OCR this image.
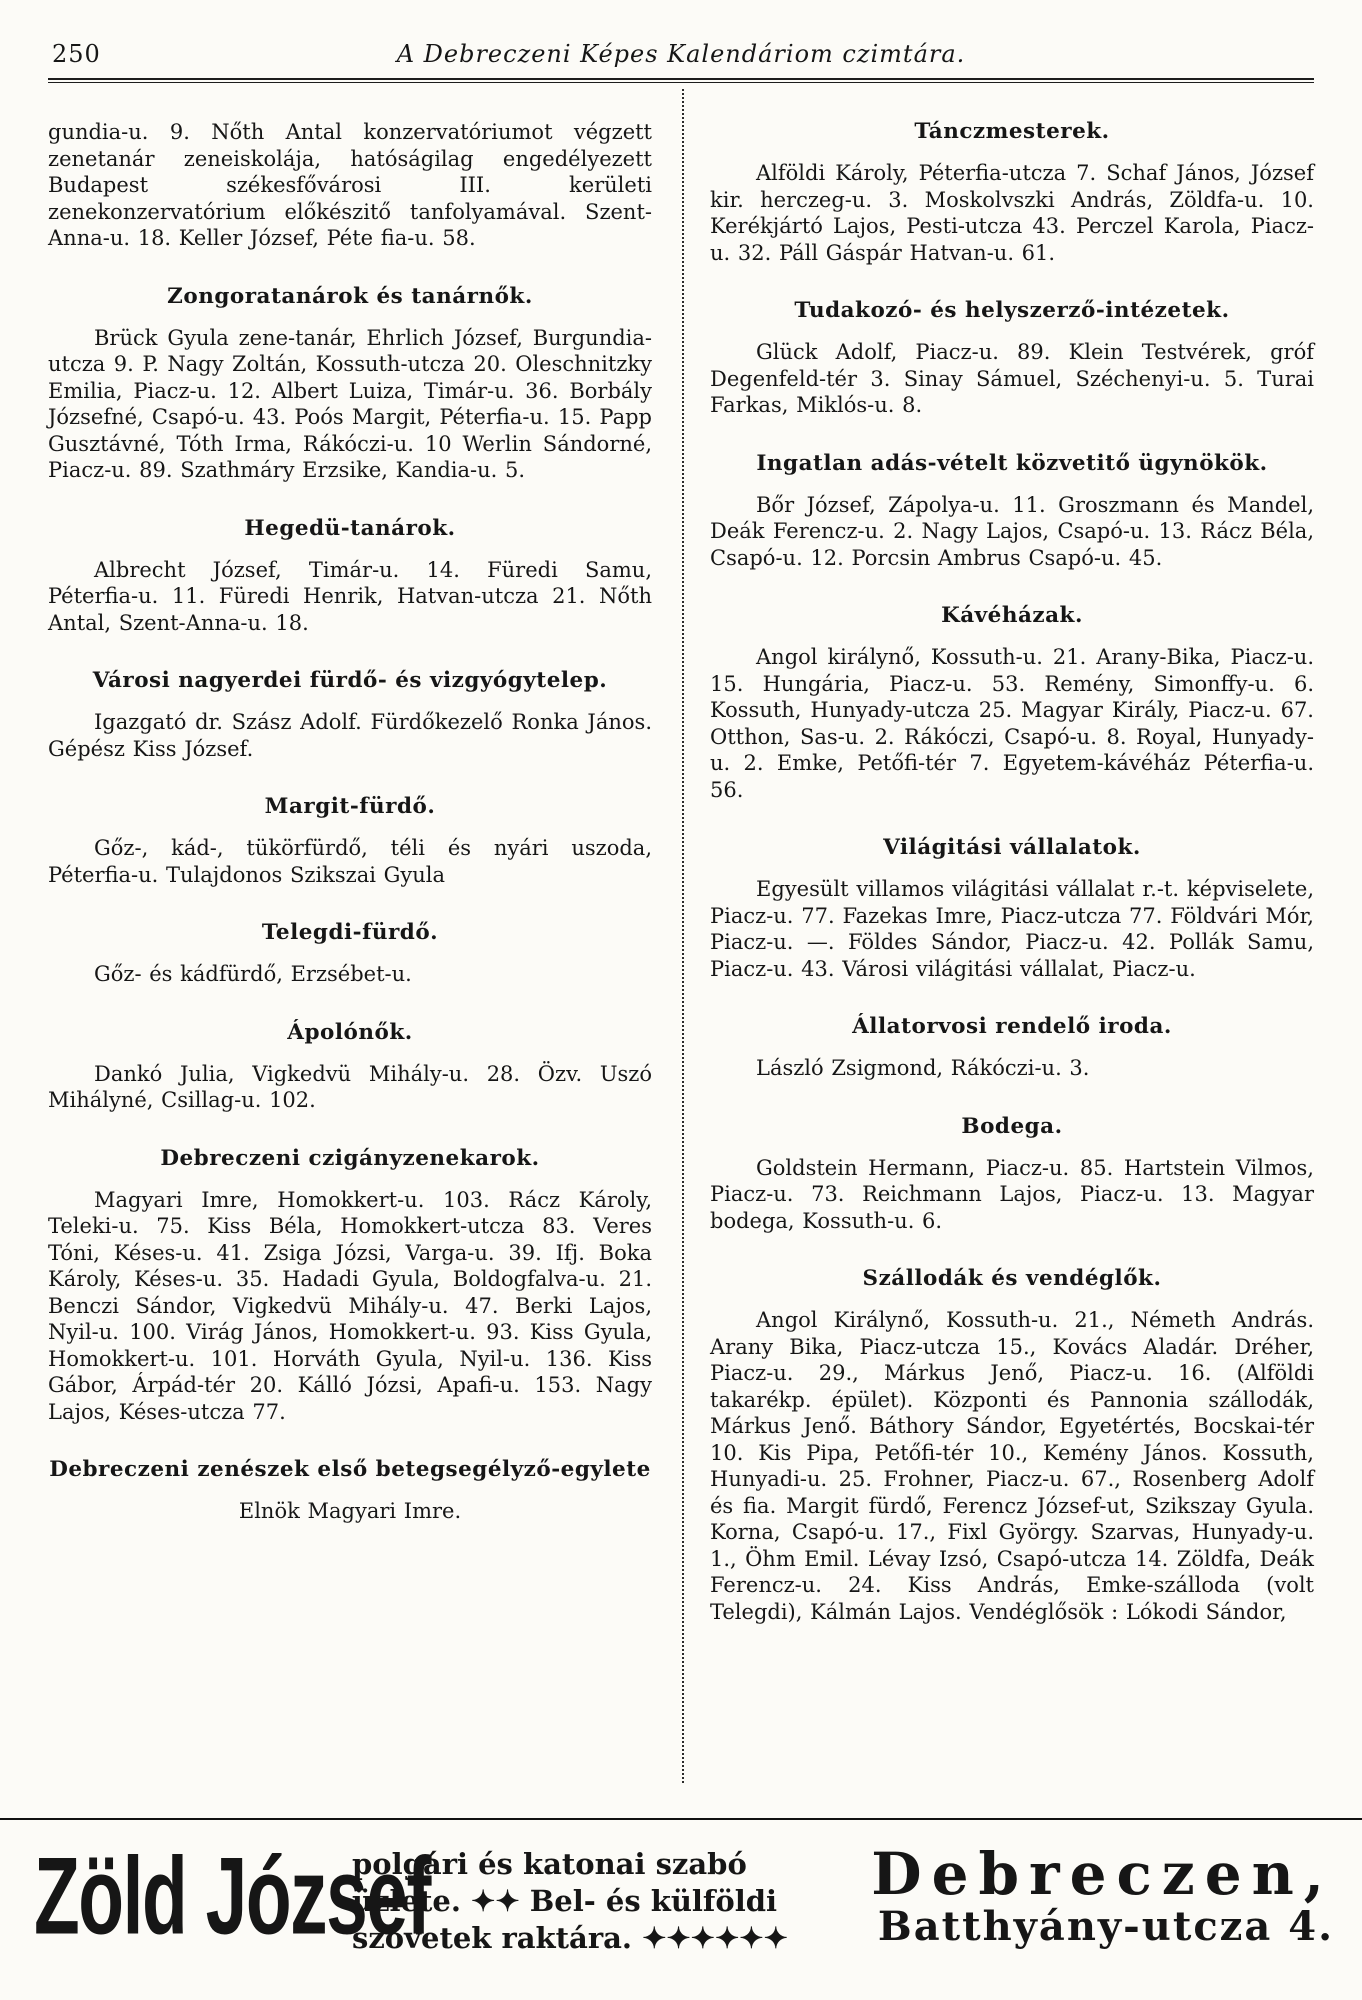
A Debreczeni Képes Kalendáriom czimtára.
250

gundia-u. 9. Nőth Antal konzervatóriumot végzett zenetanár zeneiskolája, hatóságilag engedélyezett Budapest székesfővárosi III. kerületi zenekonzervatórium előkészitő tanfolyamával. Szent-Anna-u. 18. Keller József, Péte fia-u. 58.

Zongoratanárok és tanárnők.

Brück Gyula zene-tanár, Ehrlich József, Burgundia-utcza 9. P. Nagy Zoltán, Kossuth-utcza 20. Oleschnitzky Emilia, Piacz-u. 12. Albert Luiza, Timár-u. 36. Borbály Józsefné, Csapó-u. 43. Poós Margit, Péterfia-u. 15. Papp Gusztávné, Tóth Irma, Rákóczi-u. 10 Werlin Sándorné, Piacz-u. 89. Szathmáry Erzsike, Kandia-u. 5.

Hegedü-tanárok.

Albrecht József, Timár-u. 14. Füredi Samu, Péterfia-u. 11. Füredi Henrik, Hatvan-utcza 21. Nőth Antal, Szent-Anna-u. 18.

Városi nagyerdei fürdő- és vizgyógytelep.

Igazgató dr. Szász Adolf. Fürdőkezelő Ronka János. Gépész Kiss József.

Margit-fürdő.

Gőz-, kád-, tükörfürdő, téli és nyári uszoda, Péterfia-u. Tulajdonos Szikszai Gyula

Telegdi-fürdő.

Gőz- és kádfürdő, Erzsébet-u.

Ápolónők.

Dankó Julia, Vigkedvü Mihály-u. 28. Özv. Uszó Mihályné, Csillag-u. 102.

Debreczeni czigányzenekarok.

Magyari Imre, Homokkert-u. 103. Rácz Károly, Teleki-u. 75. Kiss Béla, Homokkert-utcza 83. Veres Tóni, Késes-u. 41. Zsiga Józsi, Varga-u. 39. Ifj. Boka Károly, Késes-u. 35. Hadadi Gyula, Boldogfalva-u. 21. Benczi Sándor, Vigkedvü Mihály-u. 47. Berki Lajos, Nyil-u. 100. Virág János, Homokkert-u. 93. Kiss Gyula, Homokkert-u. 101. Horváth Gyula, Nyil-u. 136. Kiss Gábor, Árpád-tér 20. Kálló Józsi, Apafi-u. 153. Nagy Lajos, Késes-utcza 77.

Debreczeni zenészek első betegsegélyző-egylete

Elnök Magyari Imre.

Tánczmesterek.

Alföldi Károly, Péterfia-utcza 7. Schaf János, József kir. herczeg-u. 3. Moskolvszki András, Zöldfa-u. 10. Kerékjártó Lajos, Pesti-utcza 43. Perczel Karola, Piacz-u. 32. Páll Gáspár Hatvan-u. 61.

Tudakozó- és helyszerző-intézetek.

Glück Adolf, Piacz-u. 89. Klein Testvérek, gróf Degenfeld-tér 3. Sinay Sámuel, Széchenyi-u. 5. Turai Farkas, Miklós-u. 8.

Ingatlan adás-vételt közvetitő ügynökök.

Bőr József, Zápolya-u. 11. Groszmann és Mandel, Deák Ferencz-u. 2. Nagy Lajos, Csapó-u. 13. Rácz Béla, Csapó-u. 12. Porcsin Ambrus Csapó-u. 45.

Kávéházak.

Angol királynő, Kossuth-u. 21. Arany-Bika, Piacz-u. 15. Hungária, Piacz-u. 53. Remény, Simonffy-u. 6. Kossuth, Hunyady-utcza 25. Magyar Király, Piacz-u. 67. Otthon, Sas-u. 2. Rákóczi, Csapó-u. 8. Royal, Hunyady-u. 2. Emke, Petőfi-tér 7. Egyetem-kávéház Péterfia-u. 56.

Világitási vállalatok.

Egyesült villamos világitási vállalat r.-t. képviselete, Piacz-u. 77. Fazekas Imre, Piacz-utcza 77. Földvári Mór, Piacz-u. —. Földes Sándor, Piacz-u. 42. Pollák Samu, Piacz-u. 43. Városi világitási vállalat, Piacz-u.

Állatorvosi rendelő iroda.

László Zsigmond, Rákóczi-u. 3.

Bodega.

Goldstein Hermann, Piacz-u. 85. Hartstein Vilmos, Piacz-u. 73. Reichmann Lajos, Piacz-u. 13. Magyar bodega, Kossuth-u. 6.

Szállodák és vendéglők.

Angol Királynő, Kossuth-u. 21., Németh András. Arany Bika, Piacz-utcza 15., Kovács Aladár. Dréher, Piacz-u. 29., Márkus Jenő, Piacz-u. 16. (Alföldi takarékp. épület). Központi és Pannonia szállodák, Márkus Jenő. Báthory Sándor, Egyetértés, Bocskai-tér 10. Kis Pipa, Petőfi-tér 10., Kemény János. Kossuth, Hunyadi-u. 25. Frohner, Piacz-u. 67., Rosenberg Adolf és fia. Margit fürdő, Ferencz József-ut, Szikszay Gyula. Korna, Csapó-u. 17., Fixl György. Szarvas, Hunyady-u. 1., Öhm Emil. Lévay Izsó, Csapó-utcza 14. Zöldfa, Deák Ferencz-u. 24. Kiss András, Emke-szálloda (volt Telegdi), Kálmán Lajos. Vendéglősök : Lókodi Sándor,

Zöld József
polgári és katonai szabó
üzlete. ✦✦ Bel- és külföldi
szövetek raktára. ✦✦✦✦✦✦
Debreczen,
Batthyány-utcza 4.
